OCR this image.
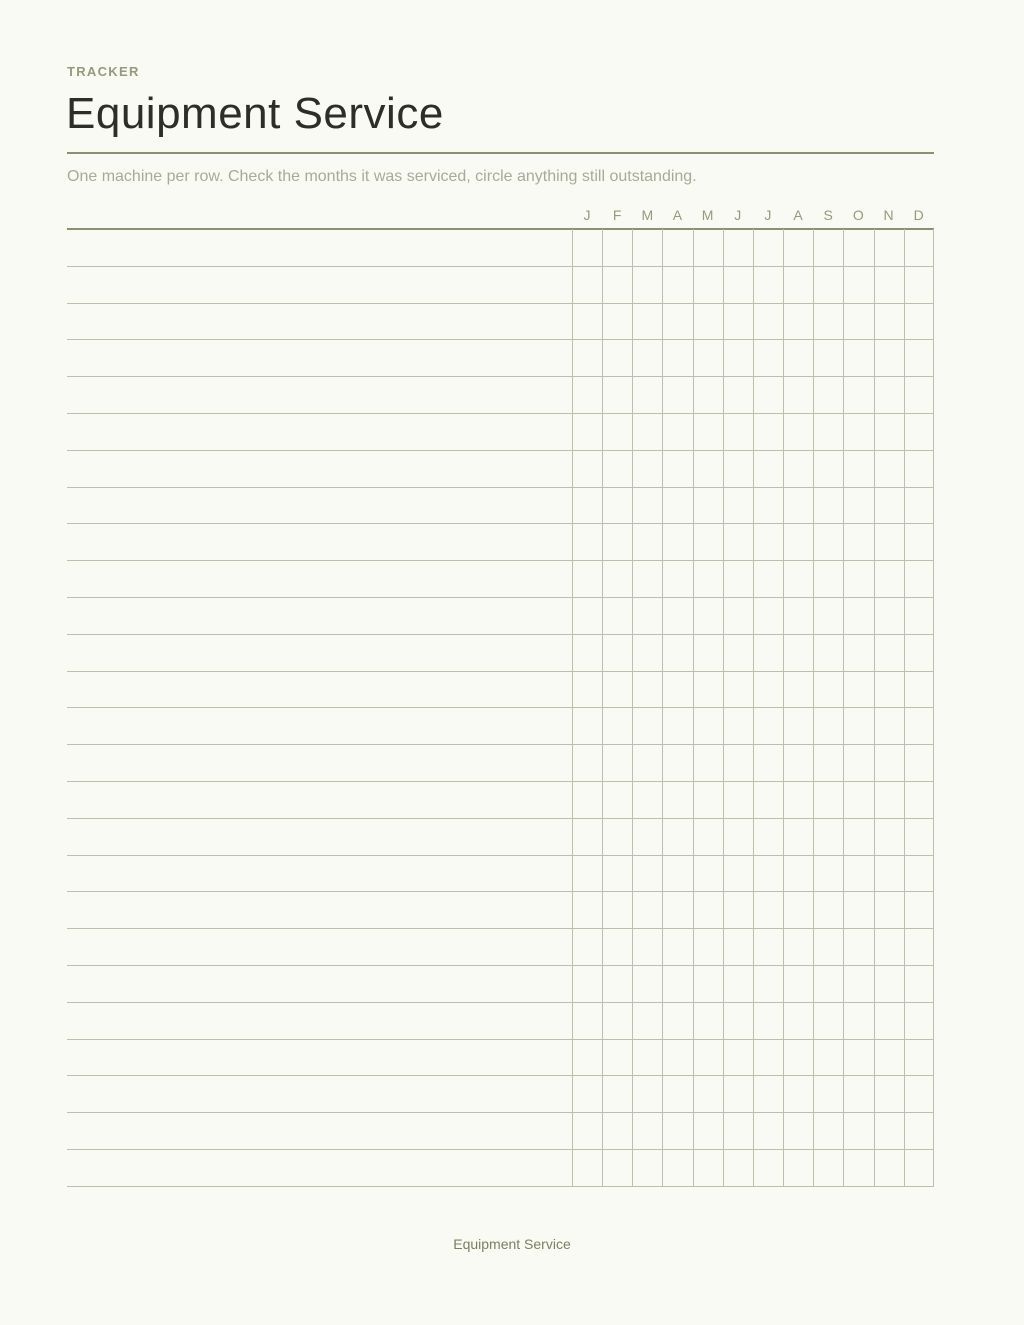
TRACKER
Equipment Service
One machine per row. Check the months it was serviced, circle anything still outstanding.
J	F	M	A	M	J	J	A	S	O	N	D
Equipment Service
